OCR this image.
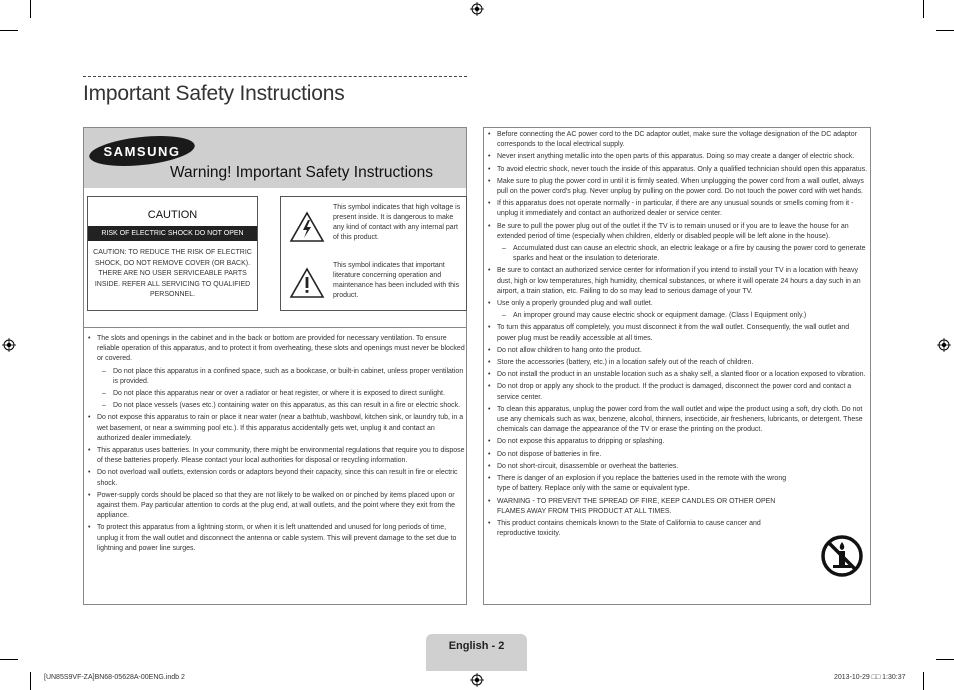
Important Safety Instructions
SAMSUNG
Warning! Important Safety Instructions
CAUTION
RISK OF ELECTRIC SHOCK DO NOT OPEN
CAUTION: TO REDUCE THE RISK OF ELECTRIC SHOCK, DO NOT REMOVE COVER (OR BACK). THERE ARE NO USER SERVICEABLE PARTS INSIDE. REFER ALL SERVICING TO QUALIFIED PERSONNEL.
This symbol indicates that high voltage is present inside. It is dangerous to make any kind of contact with any internal part of this product.
This symbol indicates that important literature concerning operation and maintenance has been included with this product.
• The slots and openings in the cabinet and in the back or bottom are provided for necessary ventilation. To ensure reliable operation of this apparatus, and to protect it from overheating, these slots and openings must never be blocked or covered.
– Do not place this apparatus in a confined space, such as a bookcase, or built-in cabinet, unless proper ventilation is provided.
– Do not place this apparatus near or over a radiator or heat register, or where it is exposed to direct sunlight.
– Do not place vessels (vases etc.) containing water on this apparatus, as this can result in a fire or electric shock.
• Do not expose this apparatus to rain or place it near water (near a bathtub, washbowl, kitchen sink, or laundry tub, in a wet basement, or near a swimming pool etc.). If this apparatus accidentally gets wet, unplug it and contact an authorized dealer immediately.
• This apparatus uses batteries. In your community, there might be environmental regulations that require you to dispose of these batteries properly. Please contact your local authorities for disposal or recycling information.
• Do not overload wall outlets, extension cords or adaptors beyond their capacity, since this can result in fire or electric shock.
• Power-supply cords should be placed so that they are not likely to be walked on or pinched by items placed upon or against them. Pay particular attention to cords at the plug end, at wall outlets, and the point where they exit from the appliance.
• To protect this apparatus from a lightning storm, or when it is left unattended and unused for long periods of time, unplug it from the wall outlet and disconnect the antenna or cable system. This will prevent damage to the set due to lightning and power line surges.
• Before connecting the AC power cord to the DC adaptor outlet, make sure the voltage designation of the DC adaptor corresponds to the local electrical supply.
• Never insert anything metallic into the open parts of this apparatus. Doing so may create a danger of electric shock.
• To avoid electric shock, never touch the inside of this apparatus. Only a qualified technician should open this apparatus.
• Make sure to plug the power cord in until it is firmly seated. When unplugging the power cord from a wall outlet, always pull on the power cord's plug. Never unplug by pulling on the power cord. Do not touch the power cord with wet hands.
• If this apparatus does not operate normally - in particular, if there are any unusual sounds or smells coming from it - unplug it immediately and contact an authorized dealer or service center.
• Be sure to pull the power plug out of the outlet if the TV is to remain unused or if you are to leave the house for an extended period of time (especially when children, elderly or disabled people will be left alone in the house).
– Accumulated dust can cause an electric shock, an electric leakage or a fire by causing the power cord to generate sparks and heat or the insulation to deteriorate.
• Be sure to contact an authorized service center for information if you intend to install your TV in a location with heavy dust, high or low temperatures, high humidity, chemical substances, or where it will operate 24 hours a day such in an airport, a train station, etc. Failing to do so may lead to serious damage of your TV.
• Use only a properly grounded plug and wall outlet.
– An improper ground may cause electric shock or equipment damage. (Class l Equipment only.)
• To turn this apparatus off completely, you must disconnect it from the wall outlet. Consequently, the wall outlet and power plug must be readily accessible at all times.
• Do not allow children to hang onto the product.
• Store the accessories (battery, etc.) in a location safely out of the reach of children.
• Do not install the product in an unstable location such as a shaky self, a slanted floor or a location exposed to vibration.
• Do not drop or apply any shock to the product. If the product is damaged, disconnect the power cord and contact a service center.
• To clean this apparatus, unplug the power cord from the wall outlet and wipe the product using a soft, dry cloth. Do not use any chemicals such as wax, benzene, alcohol, thinners, insecticide, air fresheners, lubricants, or detergent. These chemicals can damage the appearance of the TV or erase the printing on the product.
• Do not expose this apparatus to dripping or splashing.
• Do not dispose of batteries in fire.
• Do not short-circuit, disassemble or overheat the batteries.
• There is danger of an explosion if you replace the batteries used in the remote with the wrong type of battery. Replace only with the same or equivalent type.
• WARNING - TO PREVENT THE SPREAD OF FIRE, KEEP CANDLES OR OTHER OPEN FLAMES AWAY FROM THIS PRODUCT AT ALL TIMES.
• This product contains chemicals known to the State of California to cause cancer and reproductive toxicity.
English - 2
[UN85S9VF-ZA]BN68-05628A-00ENG.indb 2	2013-10-29 □□ 1:30:37
